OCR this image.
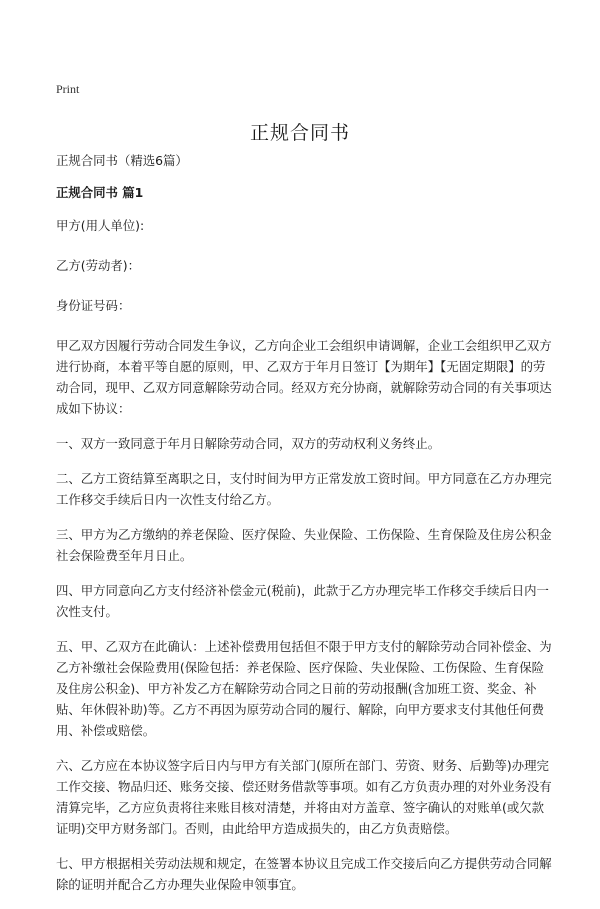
Print
正规合同书

正规合同书（精选6篇）

正规合同书 篇1

甲方(用人单位):

乙方(劳动者)：

身份证号码：

甲乙双方因履行劳动合同发生争议，乙方向企业工会组织申请调解，企业工会组织甲乙双方进行协商，本着平等自愿的原则，甲、乙双方于年月日签订【为期年】【无固定期限】的劳动合同，现甲、乙双方同意解除劳动合同。经双方充分协商，就解除劳动合同的有关事项达成如下协议：

一、双方一致同意于年月日解除劳动合同，双方的劳动权利义务终止。

二、乙方工资结算至离职之日，支付时间为甲方正常发放工资时间。甲方同意在乙方办理完工作移交手续后日内一次性支付给乙方。

三、甲方为乙方缴纳的养老保险、医疗保险、失业保险、工伤保险、生育保险及住房公积金社会保险费至年月日止。

四、甲方同意向乙方支付经济补偿金元(税前)，此款于乙方办理完毕工作移交手续后日内一次性支付。

五、甲、乙双方在此确认：上述补偿费用包括但不限于甲方支付的解除劳动合同补偿金、为乙方补缴社会保险费用(保险包括：养老保险、医疗保险、失业保险、工伤保险、生育保险及住房公积金)、甲方补发乙方在解除劳动合同之日前的劳动报酬(含加班工资、奖金、补贴、年休假补助)等。乙方不再因为原劳动合同的履行、解除，向甲方要求支付其他任何费用、补偿或赔偿。

六、乙方应在本协议签字后日内与甲方有关部门(原所在部门、劳资、财务、后勤等)办理完工作交接、物品归还、账务交接、偿还财务借款等事项。如有乙方负责办理的对外业务没有清算完毕，乙方应负责将往来账目核对清楚，并将由对方盖章、签字确认的对账单(或欠款证明)交甲方财务部门。否则，由此给甲方造成损失的，由乙方负责赔偿。

七、甲方根据相关劳动法规和规定，在签署本协议且完成工作交接后向乙方提供劳动合同解除的证明并配合乙方办理失业保险申领事宜。
